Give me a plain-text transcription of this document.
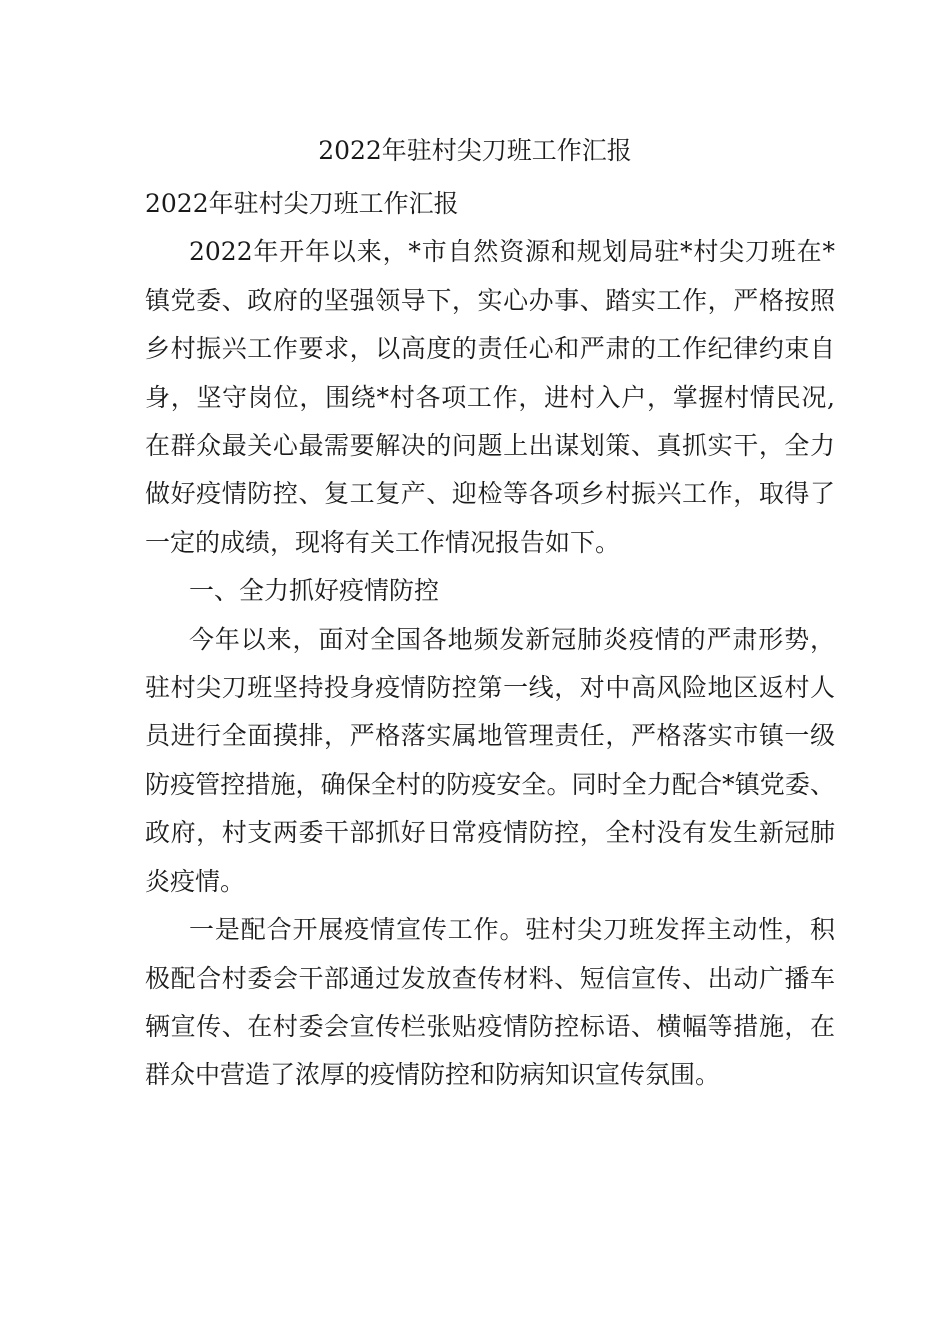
2022年驻村尖刀班工作汇报

2022年驻村尖刀班工作汇报

2022年开年以来，*市自然资源和规划局驻*村尖刀班在*镇党委、政府的坚强领导下，实心办事、踏实工作，严格按照乡村振兴工作要求，以高度的责任心和严肃的工作纪律约束自身，坚守岗位，围绕*村各项工作，进村入户，掌握村情民况,在群众最关心最需要解决的问题上出谋划策、真抓实干，全力做好疫情防控、复工复产、迎检等各项乡村振兴工作，取得了一定的成绩，现将有关工作情况报告如下。

一、全力抓好疫情防控

今年以来，面对全国各地频发新冠肺炎疫情的严肃形势，驻村尖刀班坚持投身疫情防控第一线，对中高风险地区返村人员进行全面摸排，严格落实属地管理责任，严格落实市镇一级防疫管控措施，确保全村的防疫安全。同时全力配合*镇党委、政府，村支两委干部抓好日常疫情防控，全村没有发生新冠肺炎疫情。

一是配合开展疫情宣传工作。驻村尖刀班发挥主动性，积极配合村委会干部通过发放查传材料、短信宣传、出动广播车辆宣传、在村委会宣传栏张贴疫情防控标语、横幅等措施，在群众中营造了浓厚的疫情防控和防病知识宣传氛围。
